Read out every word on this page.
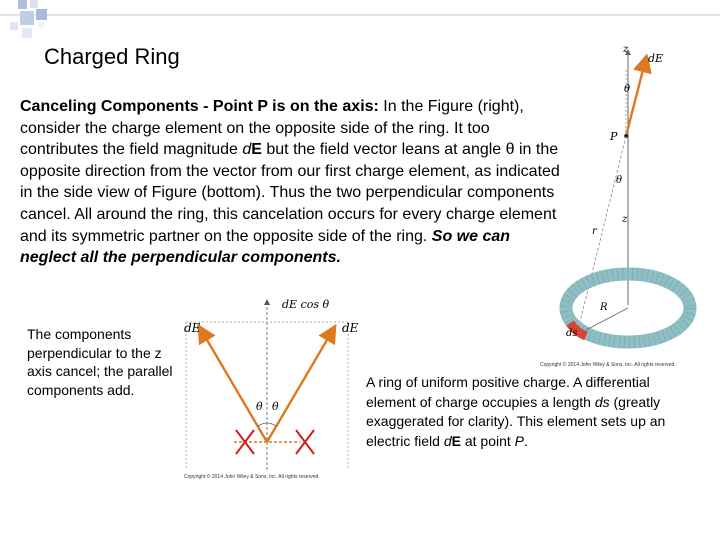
Charged Ring
Canceling Components - Point P is on the axis: In the Figure (right), consider the charge element on the opposite side of the ring. It too contributes the field magnitude dE but the field vector leans at angle θ in the opposite direction from the vector from our first charge element, as indicated in the side view of Figure (bottom). Thus the two perpendicular components cancel. All around the ring, this cancelation occurs for every charge element and its symmetric partner on the opposite side of the ring. So we can neglect all the perpendicular components.
The components perpendicular to the z axis cancel; the parallel components add.	A ring of uniform positive charge. A differential element of charge occupies a length ds (greatly exaggerated for clarity). This element sets up an electric field dE at point P.
dE cos θ
dE	dE
θ θ
Copyright © 2014 John Wiley & Sons, Inc. All rights reserved.
z
dE
θ
P
θ
z
r
R
ds
Copyright © 2014 John Wiley & Sons, Inc. All rights reserved.
